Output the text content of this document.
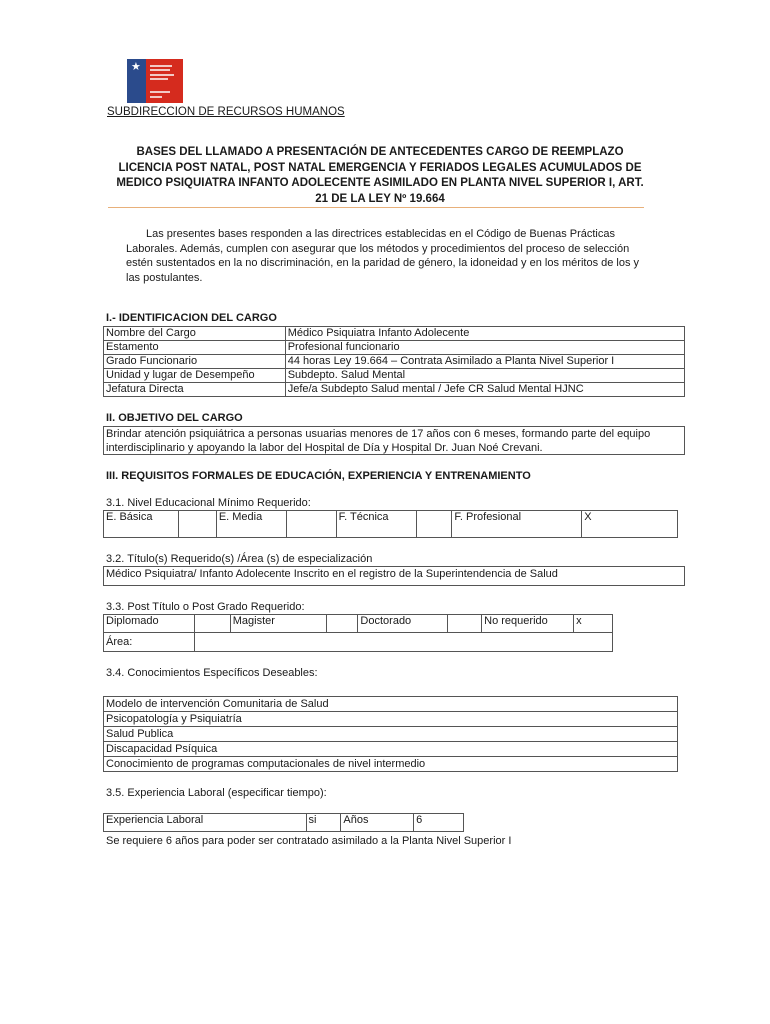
★
SUBDIRECCION DE RECURSOS HUMANOS
BASES DEL LLAMADO A PRESENTACIÓN DE ANTECEDENTES CARGO DE REEMPLAZO
LICENCIA POST NATAL, POST NATAL EMERGENCIA Y FERIADOS LEGALES ACUMULADOS DE
MEDICO PSIQUIATRA INFANTO ADOLECENTE ASIMILADO EN PLANTA NIVEL SUPERIOR I, ART.
21 DE LA LEY Nº 19.664
Las presentes bases responden a las directrices establecidas en el Código de Buenas Prácticas
Laborales. Además, cumplen con asegurar que los métodos y procedimientos del proceso de selección
estén sustentados en la no discriminación, en la paridad de género, la idoneidad y en los méritos de los y
las postulantes.
I.- IDENTIFICACION DEL CARGO
Nombre del Cargo	Médico Psiquiatra Infanto Adolecente
Estamento	Profesional funcionario
Grado Funcionario	44 horas Ley 19.664 – Contrata Asimilado a Planta Nivel Superior I
Unidad y lugar de Desempeño	Subdepto. Salud Mental
Jefatura Directa	Jefe/a Subdepto Salud mental / Jefe CR Salud Mental HJNC
II. OBJETIVO DEL CARGO
Brindar atención psiquiátrica a personas usuarias menores de 17 años con 6 meses, formando parte del equipo
interdisciplinario y apoyando la labor del Hospital de Día y Hospital Dr. Juan Noé Crevani.
III. REQUISITOS FORMALES DE EDUCACIÓN, EXPERIENCIA Y ENTRENAMIENTO
3.1. Nivel Educacional Mínimo Requerido:
E. Básica		E. Media		F. Técnica		F. Profesional	X
3.2. Título(s) Requerido(s) /Área (s) de especialización
Médico Psiquiatra/ Infanto Adolecente Inscrito en el registro de la Superintendencia de Salud
3.3. Post Título o Post Grado Requerido:
Diplomado		Magister		Doctorado		No requerido	x
Área:							
3.4. Conocimientos Específicos Deseables:
Modelo de intervención Comunitaria de Salud
Psicopatología y Psiquiatría
Salud Publica
Discapacidad Psíquica
Conocimiento de programas computacionales de nivel intermedio
3.5. Experiencia Laboral (especificar tiempo):
Experiencia Laboral	si	Años	6
Se requiere 6 años para poder ser contratado asimilado a la Planta Nivel Superior I
